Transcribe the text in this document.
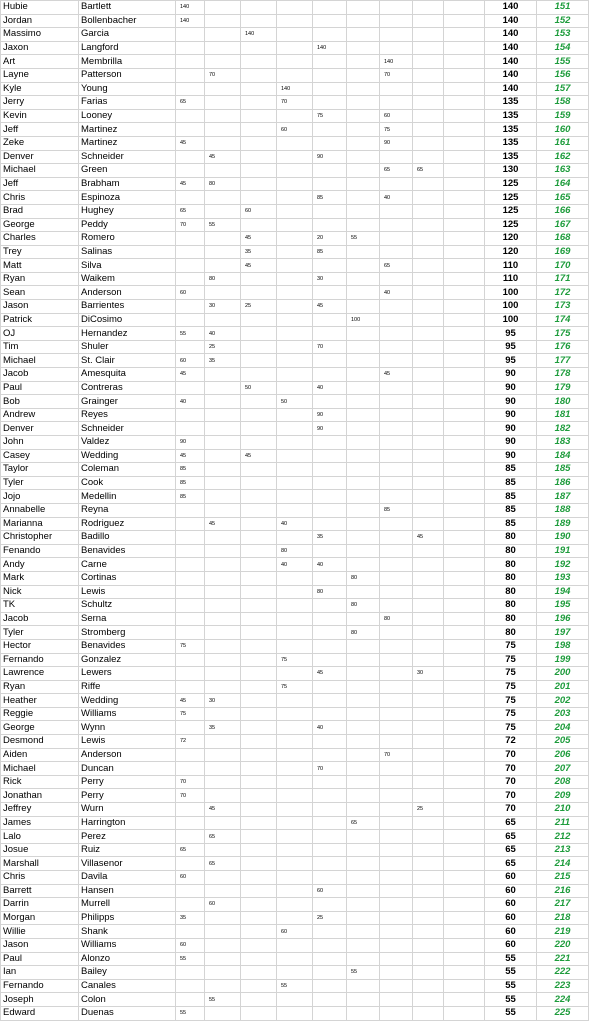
Hubie	Bartlett	140									140	151
Jordan	Bollenbacher	140									140	152
Massimo	Garcia			140							140	153
Jaxon	Langford					140					140	154
Art	Membrilla							140			140	155
Layne	Patterson		70					70			140	156
Kyle	Young				140						140	157
Jerry	Farias	65			70						135	158
Kevin	Looney					75		60			135	159
Jeff	Martinez				60			75			135	160
Zeke	Martinez	45						90			135	161
Denver	Schneider		45			90					135	162
Michael	Green							65	65		130	163
Jeff	Brabham	45	80								125	164
Chris	Espinoza					85		40			125	165
Brad	Hughey	65		60							125	166
George	Peddy	70	55								125	167
Charles	Romero			45		20	55				120	168
Trey	Salinas			35		85					120	169
Matt	Silva			45				65			110	170
Ryan	Waikem		80			30					110	171
Sean	Anderson	60						40			100	172
Jason	Barrientes		30	25		45					100	173
Patrick	DiCosimo						100				100	174
OJ	Hernandez	55	40								95	175
Tim	Shuler		25			70					95	176
Michael	St. Clair	60	35								95	177
Jacob	Amesquita	45						45			90	178
Paul	Contreras			50		40					90	179
Bob	Grainger	40			50						90	180
Andrew	Reyes					90					90	181
Denver	Schneider					90					90	182
John	Valdez	90									90	183
Casey	Wedding	45		45							90	184
Taylor	Coleman	85									85	185
Tyler	Cook	85									85	186
Jojo	Medellin	85									85	187
Annabelle	Reyna							85			85	188
Marianna	Rodriguez		45		40						85	189
Christopher	Badillo					35			45		80	190
Fenando	Benavides				80						80	191
Andy	Carne				40	40					80	192
Mark	Cortinas						80				80	193
Nick	Lewis					80					80	194
TK	Schultz						80				80	195
Jacob	Serna							80			80	196
Tyler	Stromberg						80				80	197
Hector	Benavides	75									75	198
Fernando	Gonzalez				75						75	199
Lawrence	Lewers					45			30		75	200
Ryan	Riffe				75						75	201
Heather	Wedding	45	30								75	202
Reggie	Williams	75									75	203
George	Wynn		35			40					75	204
Desmond	Lewis	72									72	205
Aiden	Anderson							70			70	206
Michael	Duncan					70					70	207
Rick	Perry	70									70	208
Jonathan	Perry	70									70	209
Jeffrey	Wurn		45						25		70	210
James	Harrington						65				65	211
Lalo	Perez		65								65	212
Josue	Ruiz	65									65	213
Marshall	Villasenor		65								65	214
Chris	Davila	60									60	215
Barrett	Hansen					60					60	216
Darrin	Murrell		60								60	217
Morgan	Philipps	35				25					60	218
Willie	Shank				60						60	219
Jason	Williams	60									60	220
Paul	Alonzo	55									55	221
Ian	Bailey						55				55	222
Fernando	Canales				55						55	223
Joseph	Colon		55								55	224
Edward	Duenas	55									55	225
